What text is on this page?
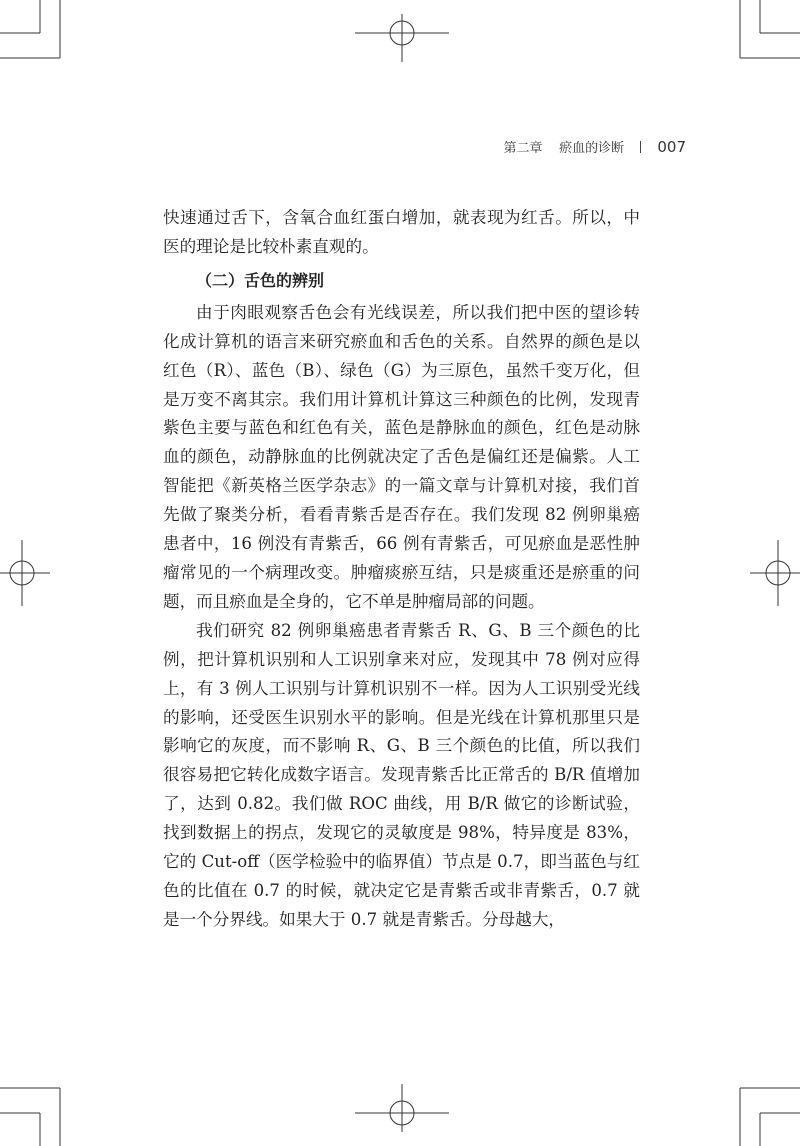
第二章 瘀血的诊断 007

快速通过舌下，含氧合血红蛋白增加，就表现为红舌。所以，中医的理论是比较朴素直观的。

（二）舌色的辨别

由于肉眼观察舌色会有光线误差，所以我们把中医的望诊转化成计算机的语言来研究瘀血和舌色的关系。自然界的颜色是以红色（R）、蓝色（B）、绿色（G）为三原色，虽然千变万化，但是万变不离其宗。我们用计算机计算这三种颜色的比例，发现青紫色主要与蓝色和红色有关，蓝色是静脉血的颜色，红色是动脉血的颜色，动静脉血的比例就决定了舌色是偏红还是偏紫。人工智能把《新英格兰医学杂志》的一篇文章与计算机对接，我们首先做了聚类分析，看看青紫舌是否存在。我们发现 82 例卵巢癌患者中，16 例没有青紫舌，66 例有青紫舌，可见瘀血是恶性肿瘤常见的一个病理改变。肿瘤痰瘀互结，只是痰重还是瘀重的问题，而且瘀血是全身的，它不单是肿瘤局部的问题。

我们研究 82 例卵巢癌患者青紫舌 R、G、B 三个颜色的比例，把计算机识别和人工识别拿来对应，发现其中 78 例对应得上，有 3 例人工识别与计算机识别不一样。因为人工识别受光线的影响，还受医生识别水平的影响。但是光线在计算机那里只是影响它的灰度，而不影响 R、G、B 三个颜色的比值，所以我们很容易把它转化成数字语言。发现青紫舌比正常舌的 B/R 值增加了，达到 0.82。我们做 ROC 曲线，用 B/R 做它的诊断试验，找到数据上的拐点，发现它的灵敏度是 98%，特异度是 83%，它的 Cut-off（医学检验中的临界值）节点是 0.7，即当蓝色与红色的比值在 0.7 的时候，就决定它是青紫舌或非青紫舌，0.7 就是一个分界线。如果大于 0.7 就是青紫舌。分母越大，
